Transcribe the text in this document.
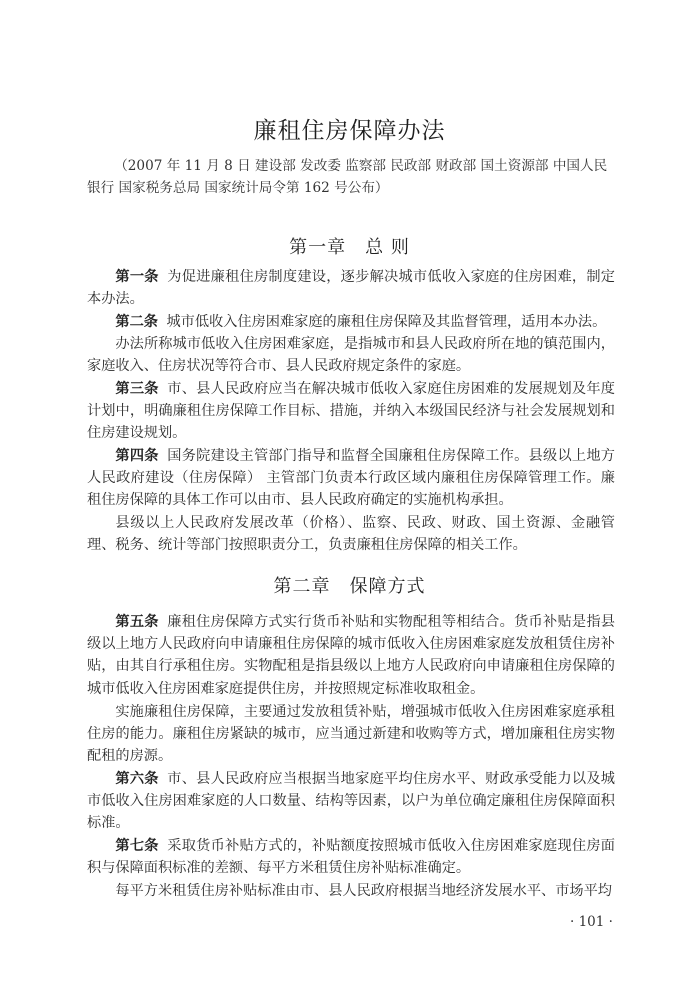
廉租住房保障办法
（2007 年 11 月 8 日 建设部 发改委 监察部 民政部 财政部 国土资源部 中国人民银行 国家税务总局 国家统计局令第 162 号公布）
第一章　总 则
第一条 为促进廉租住房制度建设，逐步解决城市低收入家庭的住房困难，制定本办法。
第二条 城市低收入住房困难家庭的廉租住房保障及其监督管理，适用本办法。
办法所称城市低收入住房困难家庭，是指城市和县人民政府所在地的镇范围内，家庭收入、住房状况等符合市、县人民政府规定条件的家庭。
第三条 市、县人民政府应当在解决城市低收入家庭住房困难的发展规划及年度计划中，明确廉租住房保障工作目标、措施，并纳入本级国民经济与社会发展规划和住房建设规划。
第四条 国务院建设主管部门指导和监督全国廉租住房保障工作。县级以上地方人民政府建设（住房保障） 主管部门负责本行政区域内廉租住房保障管理工作。廉租住房保障的具体工作可以由市、县人民政府确定的实施机构承担。
县级以上人民政府发展改革（价格）、监察、民政、财政、国土资源、金融管理、税务、统计等部门按照职责分工，负责廉租住房保障的相关工作。
第二章　保障方式
第五条 廉租住房保障方式实行货币补贴和实物配租等相结合。货币补贴是指县级以上地方人民政府向申请廉租住房保障的城市低收入住房困难家庭发放租赁住房补贴，由其自行承租住房。实物配租是指县级以上地方人民政府向申请廉租住房保障的城市低收入住房困难家庭提供住房，并按照规定标准收取租金。
实施廉租住房保障，主要通过发放租赁补贴，增强城市低收入住房困难家庭承租住房的能力。廉租住房紧缺的城市，应当通过新建和收购等方式，增加廉租住房实物配租的房源。
第六条 市、县人民政府应当根据当地家庭平均住房水平、财政承受能力以及城市低收入住房困难家庭的人口数量、结构等因素，以户为单位确定廉租住房保障面积标准。
第七条 采取货币补贴方式的，补贴额度按照城市低收入住房困难家庭现住房面积与保障面积标准的差额、每平方米租赁住房补贴标准确定。
每平方米租赁住房补贴标准由市、县人民政府根据当地经济发展水平、市场平均
· 101 ·
